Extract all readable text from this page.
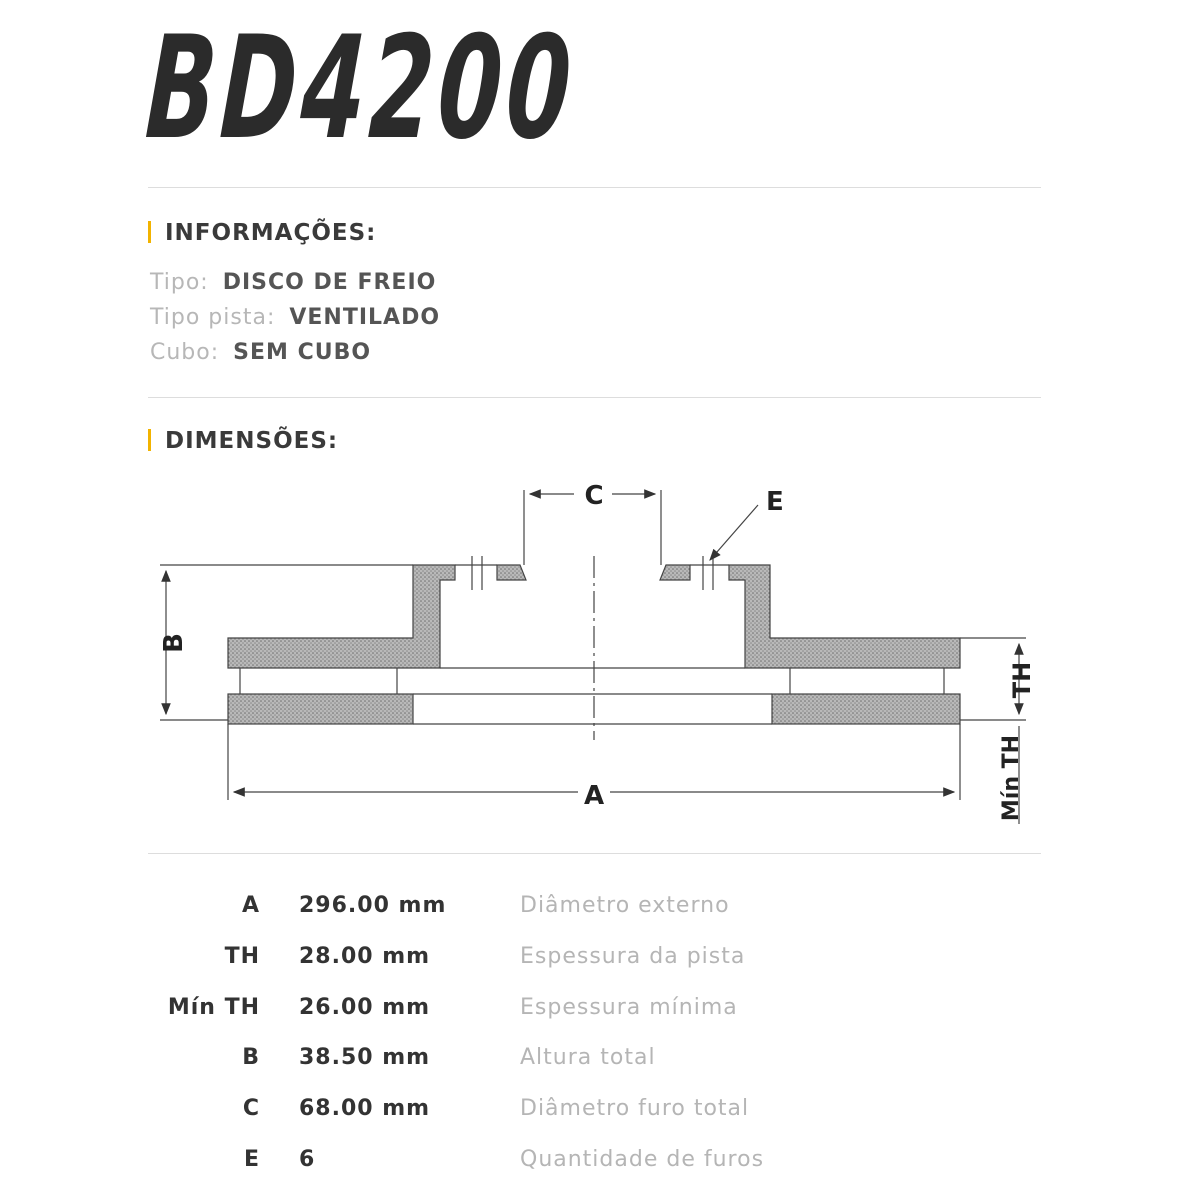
BD4200
INFORMAÇÕES:
Tipo: DISCO DE FREIO
Tipo pista: VENTILADO
Cubo: SEM CUBO
DIMENSÕES:
C	E
B
A
TH
Mín TH
A 296.00 mm	Diâmetro externo
TH 28.00 mm	Espessura da pista
Mín TH 26.00 mm	Espessura mínima
B 38.50 mm	Altura total
C 68.00 mm	Diâmetro furo total
E 6	Quantidade de furos
